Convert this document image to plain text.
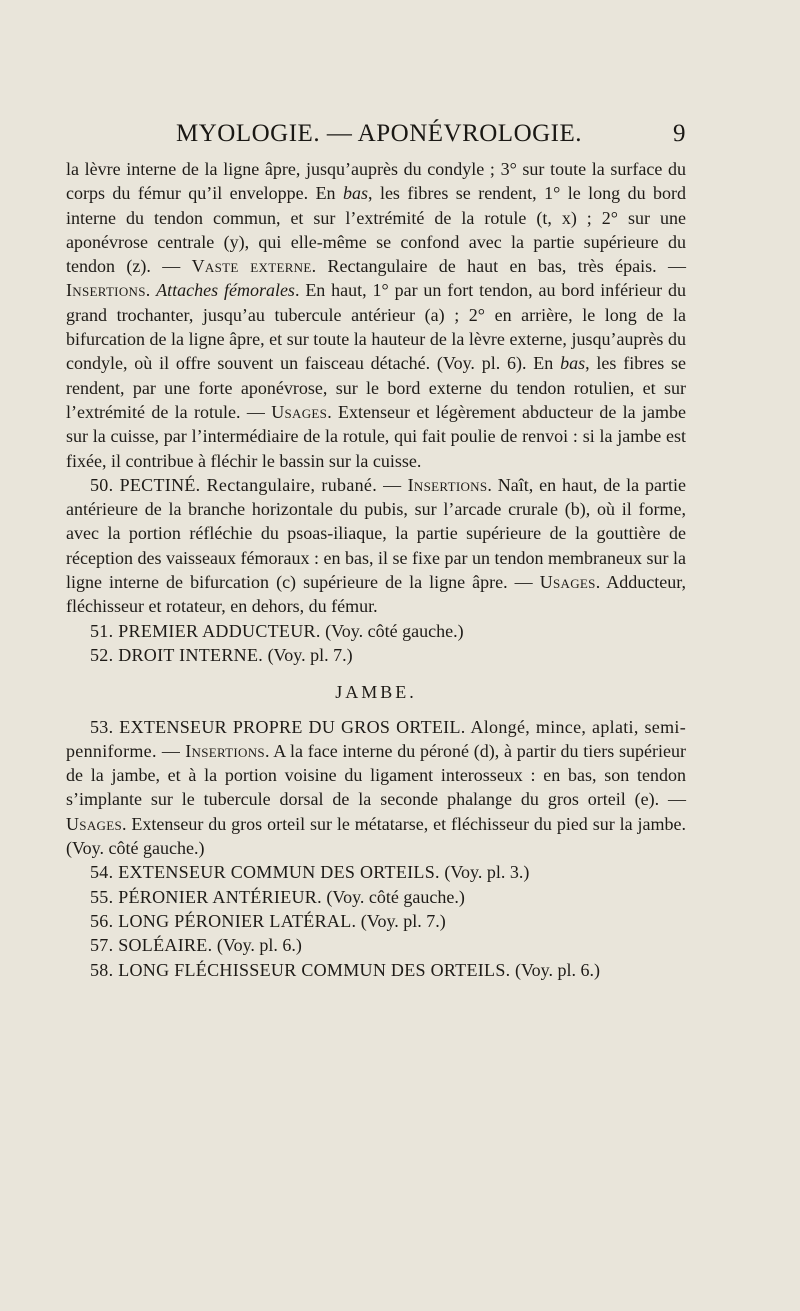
MYOLOGIE. — APONÉVROLOGIE.	9

la lèvre interne de la ligne âpre, jusqu’auprès du condyle ; 3° sur toute la surface du corps du fémur qu’il enveloppe. En bas, les fibres se rendent, 1° le long du bord interne du tendon commun, et sur l’extrémité de la rotule (t, x) ; 2° sur une aponévrose centrale (y), qui elle-même se confond avec la partie supérieure du tendon (z). — Vaste externe. Rectangulaire de haut en bas, très épais. — Insertions. Attaches fémorales. En haut, 1° par un fort tendon, au bord inférieur du grand trochanter, jusqu’au tubercule antérieur (a) ; 2° en arrière, le long de la bifurcation de la ligne âpre, et sur toute la hauteur de la lèvre externe, jusqu’auprès du condyle, où il offre souvent un faisceau détaché. (Voy. pl. 6). En bas, les fibres se rendent, par une forte aponévrose, sur le bord externe du tendon rotulien, et sur l’extrémité de la rotule. — Usages. Extenseur et légèrement abducteur de la jambe sur la cuisse, par l’intermédiaire de la rotule, qui fait poulie de renvoi : si la jambe est fixée, il contribue à fléchir le bassin sur la cuisse.

50. PECTINÉ. Rectangulaire, rubané. — Insertions. Naît, en haut, de la partie antérieure de la branche horizontale du pubis, sur l’arcade crurale (b), où il forme, avec la portion réfléchie du psoas-iliaque, la partie supérieure de la gouttière de réception des vaisseaux fémoraux : en bas, il se fixe par un tendon membraneux sur la ligne interne de bifurcation (c) supérieure de la ligne âpre. — Usages. Adducteur, fléchisseur et rotateur, en dehors, du fémur.

51. PREMIER ADDUCTEUR. (Voy. côté gauche.)

52. DROIT INTERNE. (Voy. pl. 7.)

JAMBE.

53. EXTENSEUR PROPRE DU GROS ORTEIL. Alongé, mince, aplati, semi-penniforme. — Insertions. A la face interne du péroné (d), à partir du tiers supérieur de la jambe, et à la portion voisine du ligament interosseux : en bas, son tendon s’implante sur le tubercule dorsal de la seconde phalange du gros orteil (e). — Usages. Extenseur du gros orteil sur le métatarse, et fléchisseur du pied sur la jambe. (Voy. côté gauche.)

54. EXTENSEUR COMMUN DES ORTEILS. (Voy. pl. 3.)

55. PÉRONIER ANTÉRIEUR. (Voy. côté gauche.)

56. LONG PÉRONIER LATÉRAL. (Voy. pl. 7.)

57. SOLÉAIRE. (Voy. pl. 6.)

58. LONG FLÉCHISSEUR COMMUN DES ORTEILS. (Voy. pl. 6.)
